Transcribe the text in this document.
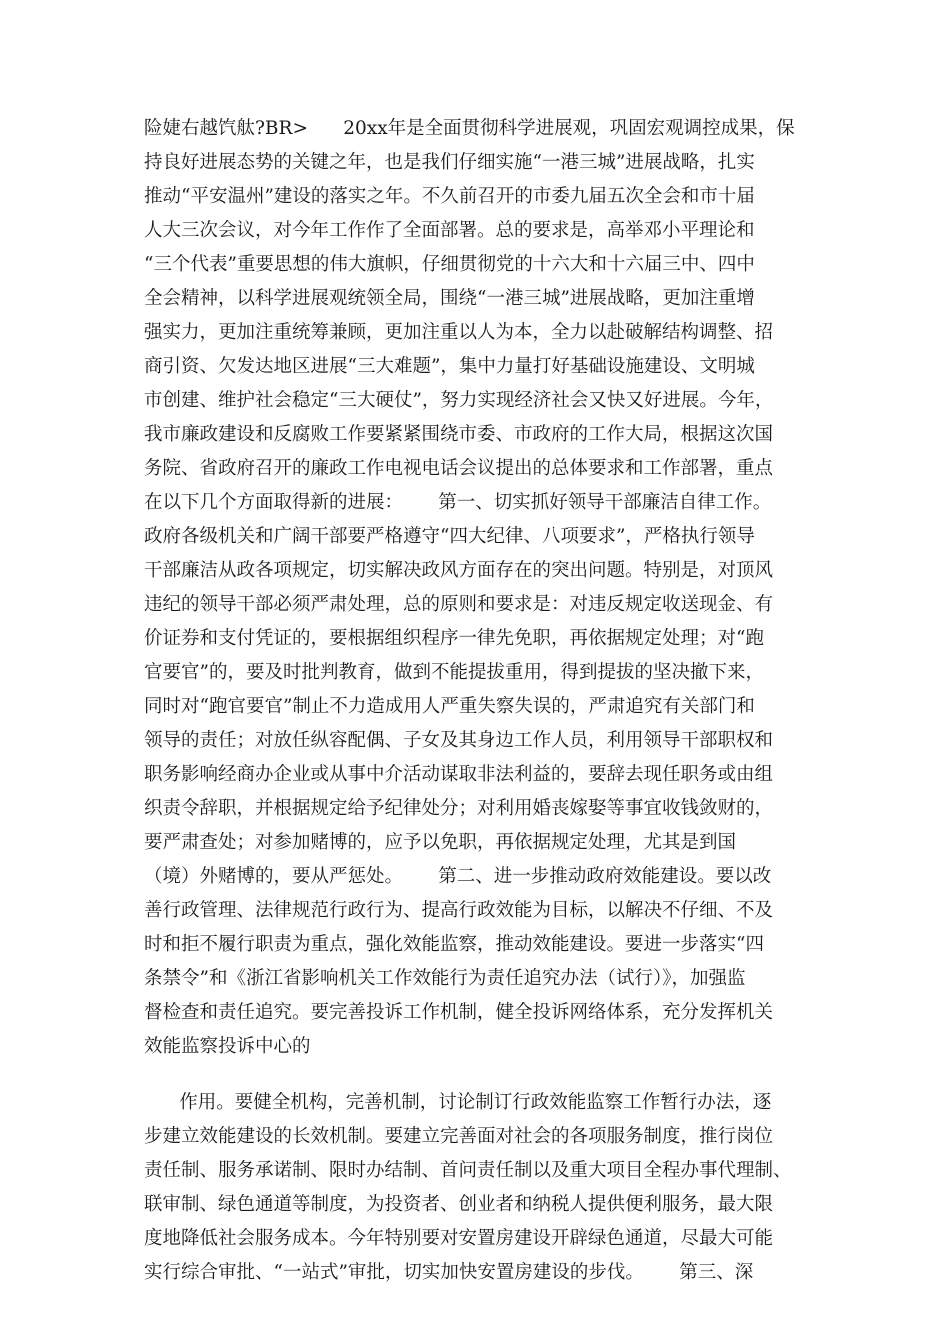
险婕右越饩舦?BR>      20xx年是全面贯彻科学进展观，巩固宏观调控成果，保
持良好进展态势的关键之年，也是我们仔细实施“一港三城”进展战略，扎实
推动“平安温州”建设的落实之年。不久前召开的市委九届五次全会和市十届
人大三次会议，对今年工作作了全面部署。总的要求是，高举邓小平理论和
“三个代表”重要思想的伟大旗帜，仔细贯彻党的十六大和十六届三中、四中
全会精神，以科学进展观统领全局，围绕“一港三城”进展战略，更加注重增
强实力，更加注重统筹兼顾，更加注重以人为本，全力以赴破解结构调整、招
商引资、欠发达地区进展“三大难题”，集中力量打好基础设施建设、文明城
市创建、维护社会稳定“三大硬仗”，努力实现经济社会又快又好进展。今年，
我市廉政建设和反腐败工作要紧紧围绕市委、市政府的工作大局，根据这次国
务院、省政府召开的廉政工作电视电话会议提出的总体要求和工作部署，重点
在以下几个方面取得新的进展：      第一、切实抓好领导干部廉洁自律工作。
政府各级机关和广阔干部要严格遵守“四大纪律、八项要求”，严格执行领导
干部廉洁从政各项规定，切实解决政风方面存在的突出问题。特别是，对顶风
违纪的领导干部必须严肃处理，总的原则和要求是：对违反规定收送现金、有
价证券和支付凭证的，要根据组织程序一律先免职，再依据规定处理；对“跑
官要官”的，要及时批判教育，做到不能提拔重用，得到提拔的坚决撤下来，
同时对“跑官要官”制止不力造成用人严重失察失误的，严肃追究有关部门和
领导的责任；对放任纵容配偶、子女及其身边工作人员，利用领导干部职权和
职务影响经商办企业或从事中介活动谋取非法利益的，要辞去现任职务或由组
织责令辞职，并根据规定给予纪律处分；对利用婚丧嫁娶等事宜收钱敛财的，
要严肃查处；对参加赌博的，应予以免职，再依据规定处理，尤其是到国
（境）外赌博的，要从严惩处。      第二、进一步推动政府效能建设。要以改
善行政管理、法律规范行政行为、提高行政效能为目标，以解决不仔细、不及
时和拒不履行职责为重点，强化效能监察，推动效能建设。要进一步落实“四
条禁令”和《浙江省影响机关工作效能行为责任追究办法（试行）》，加强监
督检查和责任追究。要完善投诉工作机制，健全投诉网络体系，充分发挥机关
效能监察投诉中心的
作用。要健全机构，完善机制，讨论制订行政效能监察工作暂行办法，逐
步建立效能建设的长效机制。要建立完善面对社会的各项服务制度，推行岗位
责任制、服务承诺制、限时办结制、首问责任制以及重大项目全程办事代理制、
联审制、绿色通道等制度，为投资者、创业者和纳税人提供便利服务，最大限
度地降低社会服务成本。今年特别要对安置房建设开辟绿色通道，尽最大可能
实行综合审批、“一站式”审批，切实加快安置房建设的步伐。      第三、深
